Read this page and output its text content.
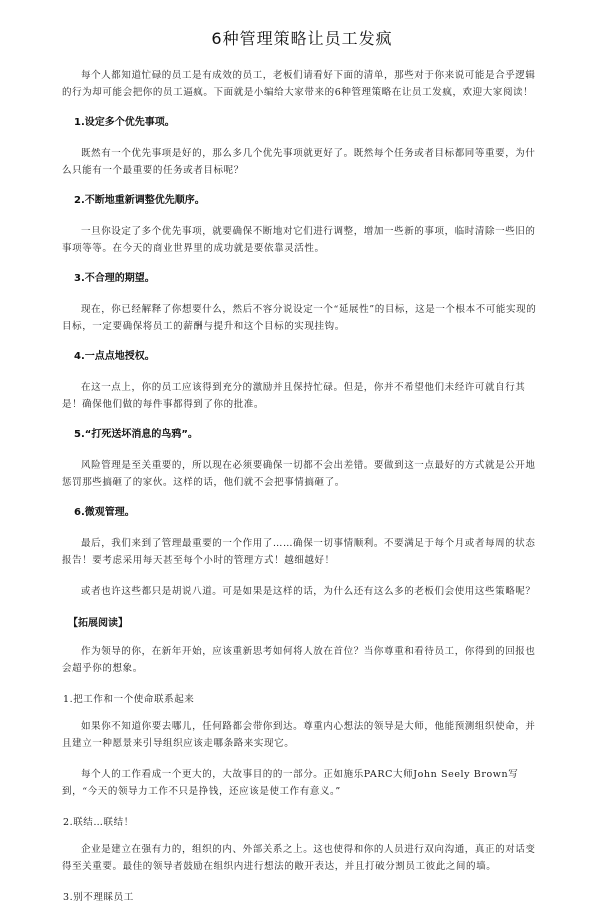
6种管理策略让员工发疯

每个人都知道忙碌的员工是有成效的员工，老板们请看好下面的清单，那些对于你来说可能是合乎逻辑的行为却可能会把你的员工逼疯。下面就是小编给大家带来的6种管理策略在让员工发疯，欢迎大家阅读！

1.设定多个优先事项。

既然有一个优先事项是好的，那么多几个优先事项就更好了。既然每个任务或者目标都同等重要，为什么只能有一个最重要的任务或者目标呢？

2.不断地重新调整优先顺序。

一旦你设定了多个优先事项，就要确保不断地对它们进行调整，增加一些新的事项，临时清除一些旧的事项等等。在今天的商业世界里的成功就是要依靠灵活性。

3.不合理的期望。

现在，你已经解释了你想要什么，然后不容分说设定一个“延展性”的目标，这是一个根本不可能实现的目标，一定要确保将员工的薪酬与提升和这个目标的实现挂钩。

4.一点点地授权。

在这一点上，你的员工应该得到充分的激励并且保持忙碌。但是，你并不希望他们未经许可就自行其是！确保他们做的每件事都得到了你的批准。

5.“打死送坏消息的鸟鸦”。

风险管理是至关重要的，所以现在必须要确保一切都不会出差错。要做到这一点最好的方式就是公开地惩罚那些搞砸了的家伙。这样的话，他们就不会把事情搞砸了。

6.微观管理。

最后，我们来到了管理最重要的一个作用了……确保一切事情顺利。不要满足于每个月或者每周的状态报告！要考虑采用每天甚至每个小时的管理方式！越细越好！

或者也许这些都只是胡说八道。可是如果是这样的话，为什么还有这么多的老板们会使用这些策略呢？

【拓展阅读】

作为领导的你，在新年开始，应该重新思考如何将人放在首位？当你尊重和看待员工，你得到的回报也会超乎你的想象。

1.把工作和一个使命联系起来

如果你不知道你要去哪儿，任何路都会带你到达。尊重内心想法的领导是大师，他能预测组织使命，并且建立一种愿景来引导组织应该走哪条路来实现它。

每个人的工作看成一个更大的，大故事目的的一部分。正如施乐PARC大师John Seely Brown写到，“今天的领导力工作不只是挣钱，还应该是使工作有意义。”

2.联结…联结！

企业是建立在强有力的，组织的内、外部关系之上。这也使得和你的人员进行双向沟通，真正的对话变得至关重要。最佳的领导者鼓励在组织内进行想法的敞开表达，并且打破分割员工彼此之间的墙。

3.别不理睬员工
